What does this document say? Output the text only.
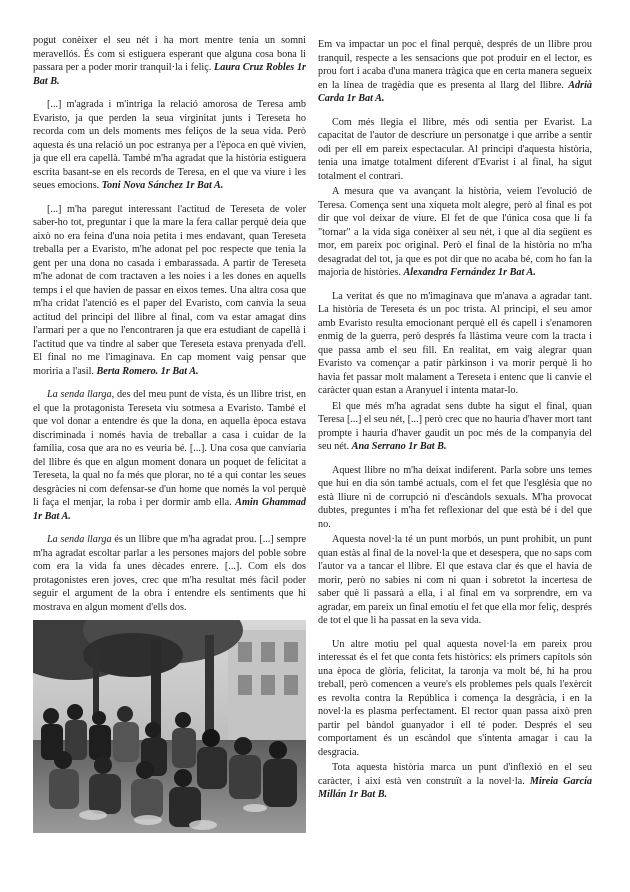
pogut conèixer el seu nét i ha mort mentre tenia un somni meravellós. És com si estiguera esperant que alguna cosa bona li passara per a poder morir tranquil·la i feliç. Laura Cruz Robles 1r Bat B.

[...] m'agrada i m'intriga la relació amorosa de Teresa amb Evaristo, ja que perden la seua virginitat junts i Tereseta ho recorda com un dels moments mes feliços de la seua vida. Però aquesta és una relació un poc estranya per a l'època en què vivien, ja que ell era capellà. També m'ha agradat que la història estiguera escrita basant-se en els records de Teresa, en el que va viure i les seues emocions. Toni Nova Sánchez 1r Bat A.

[...] m'ha paregut interessant l'actitud de Tereseta de voler saber-ho tot, preguntar i que la mare la fera callar perquè deia que això no era feina d'una noia petita i mes endavant, quan Tereseta treballa per a Evaristo, m'he adonat pel poc respecte que tenia la gent per una dona no casada i embarassada. A partir de Tereseta m'he adonat de com tractaven a les noies i a les dones en aquells temps i el que havien de passar en eixos temes. Una altra cosa que m'ha cridat l'atenció es el paper del Evaristo, com canvia la seua actitud del principi del llibre al final, com va estar amagat dins l'armari per a que no l'encontraren ja que era estudiant de capellà i l'actitud que va tindre al saber que Tereseta estava prenyada d'ell. El final no me l'imaginava. En cap moment vaig pensar que moriria a l'asil. Berta Romero. 1r Bat A.

La senda llarga, des del meu punt de vista, és un llibre trist, en el que la protagonista Tereseta viu sotmesa a Evaristo. També el que vol donar a entendre és que la dona, en aquella època estava discriminada i només havia de treballar a casa i cuidar de la família, cosa que ara no es veuria bé. [...]. Una cosa que canviaria del llibre és que en algun moment donara un poquet de felicitat a Tereseta, la qual no fa més que plorar, no té a qui contar les seues desgràcies ni com defensar-se d'un home que només la vol perquè li faça el menjar, la roba i per dormir amb ella. Amin Ghammad 1r Bat A.

La senda llarga és un llibre que m'ha agradat prou. [...] sempre m'ha agradat escoltar parlar a les persones majors del poble sobre com era la vida fa unes dècades enrere. [...]. Com els dos protagonistes eren joves, crec que m'ha resultat més fàcil poder seguir el argument de la obra i entendre els sentiments que hi mostrava en algun moment d'ells dos.

Em va impactar un poc el final perquè, després de un llibre prou tranquil, respecte a les sensacions que pot produir en el lector, es prou fort i acaba d'una manera tràgica que en certa manera segueix en la línea de tragèdia que es presenta al llarg del llibre. Adrià Carda 1r Bat A.

Com més llegia el llibre, més odi sentia per Evarist. La capacitat de l'autor de descriure un personatge i que arribe a sentir odi per ell em pareix espectacular. Al principi d'aquesta història, tenia una imatge totalment diferent d'Evarist i al final, ha sigut totalment el contrari.

A mesura que va avançant la història, veiem l'evolució de Teresa. Comença sent una xiqueta molt alegre, però al final es pot dir que vol deixar de viure. El fet de que l'única cosa que li fa "tornar" a la vida siga conèixer al seu nét, i que al dia següent es mor, em pareix poc original. Però el final de la història no m'ha desagradat del tot, ja que es pot dir que no acaba bé, com ho fan la majoria de històries. Alexandra Fernández 1r Bat A.

La veritat és que no m'imaginava que m'anava a agradar tant. La història de Tereseta és un poc trista. Al principi, el seu amor amb Evaristo resulta emocionant perquè ell és capell i s'enamoren enmig de la guerra, però després fa llàstima veure com la tracta i que passa amb el seu fill. En realitat, em vaig alegrar quan Evaristo va començar a patir pàrkinson i va morir perquè li ho havia fet passar molt malament a Tereseta i entenc que li canvie el caràcter quan estan a Aranyuel i intenta matar-lo.

El que més m'ha agradat sens dubte ha sigut el final, quan Teresa [...] el seu nét, [...] però crec que no hauria d'haver mort tant prompte i hauria d'haver gaudit un poc més de la companyia del seu nét. Ana Serrano 1r Bat B.

Aquest llibre no m'ha deixat indiferent. Parla sobre uns temes que hui en dia són també actuals, com el fet que l'església que no està lliure ni de corrupció ni d'escàndols sexuals. M'ha provocat dubtes, preguntes i m'ha fet reflexionar del que està bé i del que no.

Aquesta novel·la té un punt morbós, un punt prohibit, un punt quan estàs al final de la novel·la que et desespera, que no saps com l'autor va a tancar el llibre. El que estava clar és que el havia de morir, però no sabies ni com ni quan i sobretot la incertesa de saber què li passarà a ella, i al final em va sorprendre, em va agradar, em pareix un final emotiu el fet que ella mor feliç, després de tot el que li ha passat en la seva vida.

Un altre motiu pel qual aquesta novel·la em pareix prou interessat és el fet que conta fets històrics: els primers capítols són una època de glòria, felicitat, la taronja va molt bé, hi ha prou treball, però comencen a veure's els problemes pels quals l'exèrcit es revolta contra la República i comença la desgràcia, i en la novel·la es plasma perfectament. El rector quan passa això pren partir pel bàndol guanyador i ell té poder. Després el seu comportament és un escàndol que s'intenta amagar i cau la desgracia.

Tota aquesta història marca un punt d'inflexió en el seu caràcter, i així està ven construït a la novel·la. Mireia García Millán 1r Bat B.
